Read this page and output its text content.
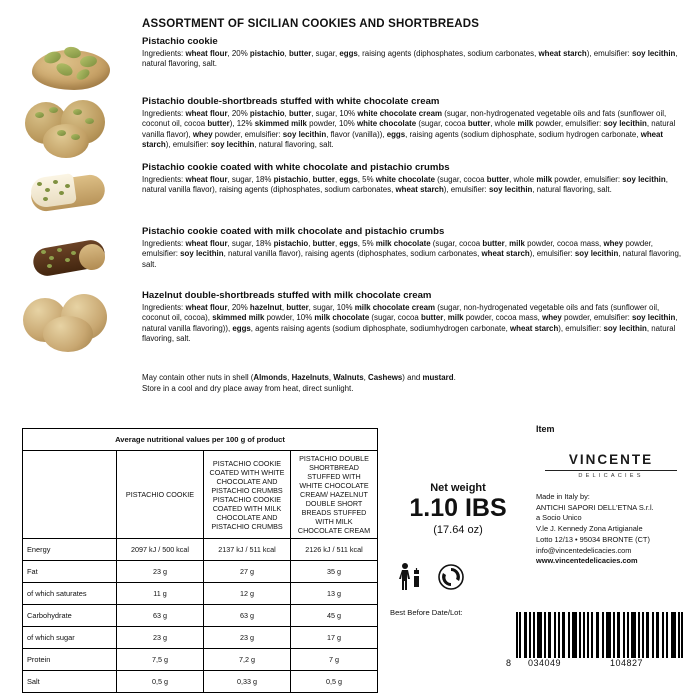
ASSORTMENT OF SICILIAN COOKIES AND SHORTBREADS

Pistachio cookie

Ingredients: wheat flour, 20% pistachio, butter, sugar, eggs, raising agents (diphosphates, sodium carbonates, wheat starch), emulsifier: soy lecithin, natural flavoring, salt.

Pistachio double-shortbreads stuffed with white chocolate cream

Ingredients: wheat flour, 20% pistachio, butter, sugar, 10% white chocolate cream (sugar, non-hydrogenated vegetable oils and fats (sunflower oil, coconut oil, cocoa butter), 12% skimmed milk powder, 10% white chocolate (sugar, cocoa butter, whole milk powder, emulsifier: soy lecithin, natural vanilla flavor), whey powder, emulsifier: soy lecithin, flavor (vanilla)), eggs, raising agents (sodium diphosphate, sodium hydrogen carbonate, wheat starch), emulsifier: soy lecithin, natural flavoring, salt.

Pistachio cookie coated with white chocolate and pistachio crumbs

Ingredients: wheat flour, sugar, 18% pistachio, butter, eggs, 5% white chocolate (sugar, cocoa butter, whole milk powder, emulsifier: soy lecithin, natural vanilla flavor), raising agents (diphosphates, sodium carbonates, wheat starch), emulsifier: soy lecithin, natural flavoring, salt.

Pistachio cookie coated with milk chocolate and pistachio crumbs

Ingredients: wheat flour, sugar, 18% pistachio, butter, eggs, 5% milk chocolate (sugar, cocoa butter, milk powder, cocoa mass, whey powder, emulsifier: soy lecithin, natural vanilla flavor), raising agents (diphosphates, sodium carbonates, wheat starch), emulsifier: soy lecithin, natural flavoring, salt.

Hazelnut double-shortbreads stuffed with milk chocolate cream

Ingredients: wheat flour, 20% hazelnut, butter, sugar, 10% milk chocolate cream (sugar, non-hydrogenated vegetable oils and fats (sunflower oil, coconut oil, cocoa), skimmed milk powder, 10% milk chocolate (sugar, cocoa butter, milk powder, cocoa mass, whey powder, emulsifier: soy lecithin, natural vanilla flavoring)), eggs, agents raising agents (sodium diphosphate, sodiumhydrogen carbonate, wheat starch), emulsifier: soy lecithin, natural flavoring, salt.

May contain other nuts in shell (Almonds, Hazelnuts, Walnuts, Cashews) and mustard.
Store in a cool and dry place away from heat, direct sunlight.
Average nutritional values per 100 g of product			
	PISTACHIO COOKIE	PISTACHIO COOKIE COATED WITH WHITE CHOCOLATE AND PISTACHIO CRUMBS PISTACHIO COOKIE COATED WITH MILK CHOCOLATE AND PISTACHIO CRUMBS	PISTACHIO DOUBLE SHORTBREAD STUFFED WITH WHITE CHOCOLATE CREAM/ HAZELNUT DOUBLE SHORT BREADS STUFFED WITH MILK CHOCOLATE CREAM
Energy	2097 kJ / 500 kcal	2137 kJ / 511 kcal	2126 kJ / 511 kcal
Fat	23 g	27 g	35 g
of which saturates	11 g	12 g	13 g
Carbohydrate	63 g	63 g	45 g
of which sugar	23 g	23 g	17 g
Protein	7,5 g	7,2 g	7 g
Salt	0,5 g	0,33 g	0,5 g
Item
VINCENTE
DELICACIES
Made in Italy by:
ANTICHI SAPORI DELL'ETNA S.r.l.
a Socio Unico
V.le J. Kennedy Zona Artigianale
Lotto 12/13 • 95034 BRONTE (CT)
info@vincentedelicacies.com
www.vincentedelicacies.com
Net weight
1.10 IBS
(17.64 oz)
Best Before Date/Lot:
8 034049	104827
